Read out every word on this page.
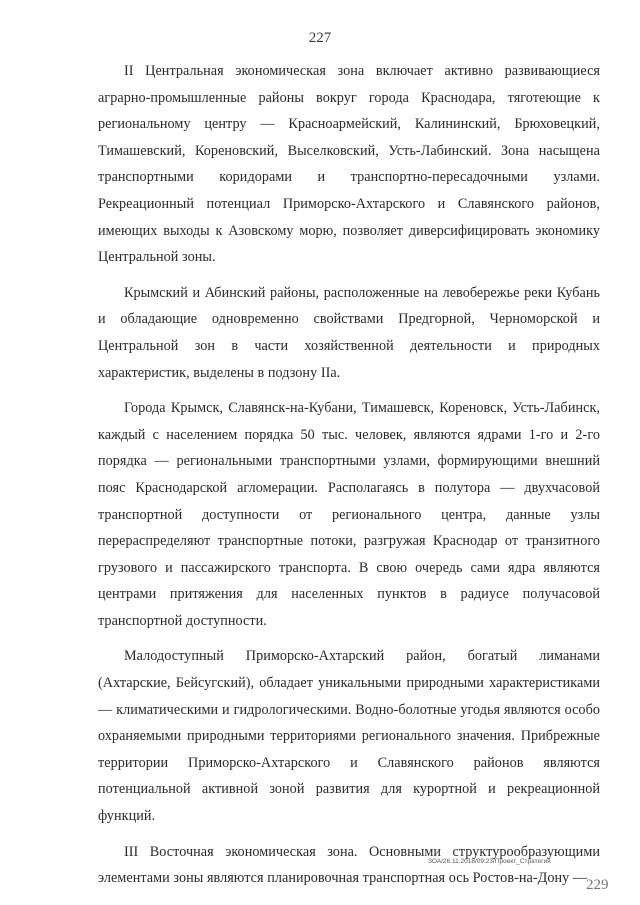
227

II Центральная экономическая зона включает активно развивающиеся аграрно-промышленные районы вокруг города Краснодара, тяготеющие к региональному центру — Красноармейский, Калининский, Брюховецкий, Тимашевский, Кореновский, Выселковский, Усть-Лабинский. Зона насыщена транспортными коридорами и транспортно-пересадочными узлами. Рекреационный потенциал Приморско-Ахтарского и Славянского районов, имеющих выходы к Азовскому морю, позволяет диверсифицировать экономику Центральной зоны.

Крымский и Абинский районы, расположенные на левобережье реки Кубань и обладающие одновременно свойствами Предгорной, Черноморской и Центральной зон в части хозяйственной деятельности и природных характеристик, выделены в подзону IIа.

Города Крымск, Славянск-на-Кубани, Тимашевск, Кореновск, Усть-Лабинск, каждый с населением порядка 50 тыс. человек, являются ядрами 1-го и 2-го порядка — региональными транспортными узлами, формирующими внешний пояс Краснодарской агломерации. Располагаясь в полутора — двухчасовой транспортной доступности от регионального центра, данные узлы перераспределяют транспортные потоки, разгружая Краснодар от транзитного грузового и пассажирского транспорта. В свою очередь сами ядра являются центрами притяжения для населенных пунктов в радиусе получасовой транспортной доступности.

Малодоступный Приморско-Ахтарский район, богатый лиманами (Ахтарские, Бейсугский), обладает уникальными природными характеристиками — климатическими и гидрологическими. Водно-болотные угодья являются особо охраняемыми природными территориями регионального значения. Прибрежные территории Приморско-Ахтарского и Славянского районов являются потенциальной активной зоной развития для курортной и рекреационной функций.

III Восточная экономическая зона. Основными структурообразующими элементами зоны являются планировочная транспортная ось Ростов-на-Дону —

ЗОА/26.11.2018/09:23/Проект_Стратегия
229
